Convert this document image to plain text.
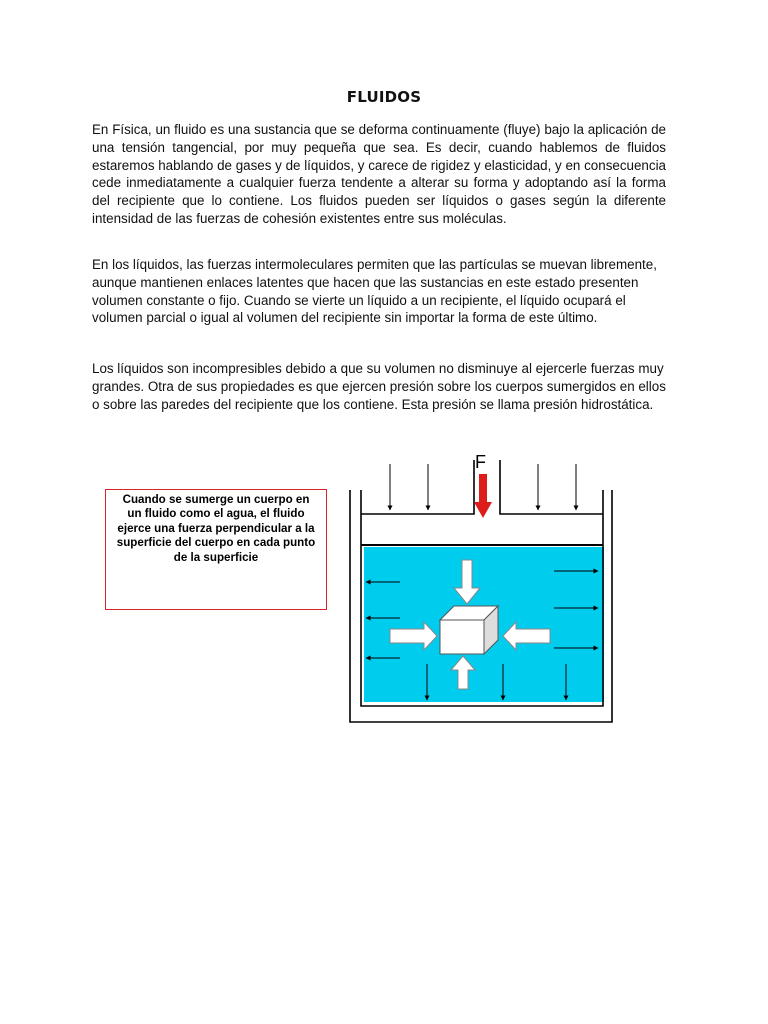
FLUIDOS

En Física, un fluido es una sustancia que se deforma continuamente (fluye) bajo la aplicación de una tensión tangencial, por muy pequeña que sea. Es decir, cuando hablemos de fluidos estaremos hablando de gases y de líquidos, y carece de rigidez y elasticidad, y en consecuencia cede inmediatamente a cualquier fuerza tendente a alterar su forma y adoptando así la forma del recipiente que lo contiene. Los fluidos pueden ser líquidos o gases según la diferente intensidad de las fuerzas de cohesión existentes entre sus moléculas.

En los líquidos, las fuerzas intermoleculares permiten que las partículas se muevan libremente, aunque mantienen enlaces latentes que hacen que las sustancias en este estado presenten volumen constante o fijo. Cuando se vierte un líquido a un recipiente, el líquido ocupará el volumen parcial o igual al volumen del recipiente sin importar la forma de este último.

Los líquidos son incompresibles debido a que su volumen no disminuye al ejercerle fuerzas muy grandes. Otra de sus propiedades es que ejercen presión sobre los cuerpos sumergidos en ellos o sobre las paredes del recipiente que los contiene. Esta presión se llama presión hidrostática.

Cuando se sumerge un cuerpo en un fluido como el agua, el fluido ejerce una fuerza perpendicular a la superficie del cuerpo en cada punto de la superficie
F
